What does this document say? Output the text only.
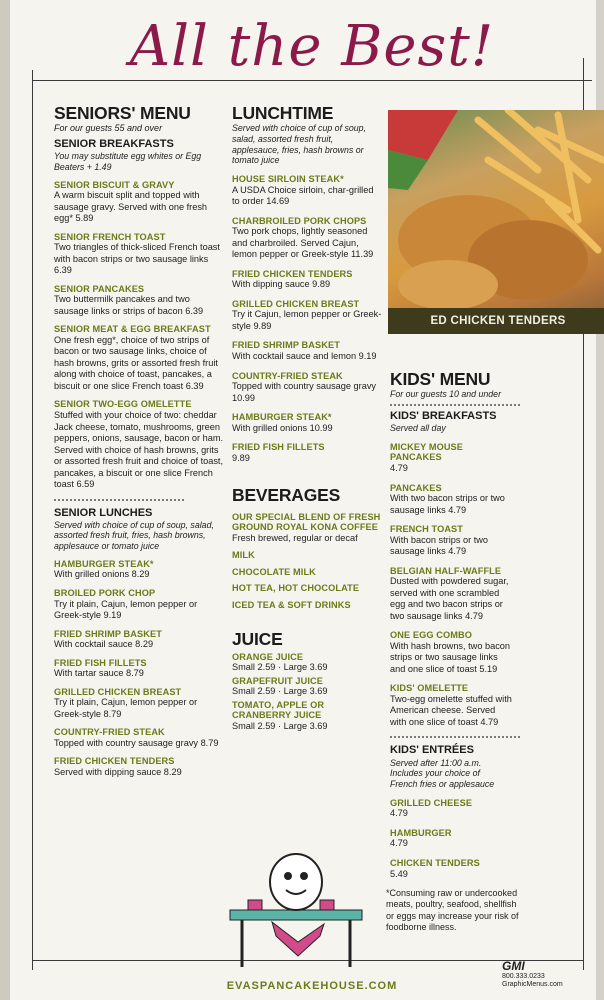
All the Best!
SENIORS' MENU
For our guests 55 and over
SENIOR BREAKFASTS
You may substitute egg whites or Egg Beaters + 1.49
SENIOR BISCUIT & GRAVY
A warm biscuit split and topped with sausage gravy. Served with one fresh egg* 5.89
SENIOR FRENCH TOAST
Two triangles of thick-sliced French toast with bacon strips or two sausage links 6.39
SENIOR PANCAKES
Two buttermilk pancakes and two sausage links or strips of bacon 6.39
SENIOR MEAT & EGG BREAKFAST
One fresh egg*, choice of two strips of bacon or two sausage links, choice of hash browns, grits or assorted fresh fruit along with choice of toast, pancakes, a biscuit or one slice French toast 6.39
SENIOR TWO-EGG OMELETTE
Stuffed with your choice of two: cheddar Jack cheese, tomato, mushrooms, green peppers, onions, sausage, bacon or ham. Served with choice of hash browns, grits or assorted fresh fruit and choice of toast, pancakes, a biscuit or one slice French toast 6.59
SENIOR LUNCHES
Served with choice of cup of soup, salad, assorted fresh fruit, fries, hash browns, applesauce or tomato juice
HAMBURGER STEAK*
With grilled onions 8.29
BROILED PORK CHOP
Try it plain, Cajun, lemon pepper or Greek-style 9.19
FRIED SHRIMP BASKET
With cocktail sauce 8.29
FRIED FISH FILLETS
With tartar sauce 8.79
GRILLED CHICKEN BREAST
Try it plain, Cajun, lemon pepper or Greek-style 8.79
COUNTRY-FRIED STEAK
Topped with country sausage gravy 8.79
FRIED CHICKEN TENDERS
Served with dipping sauce 8.29
LUNCHTIME
Served with choice of cup of soup, salad, assorted fresh fruit, applesauce, fries, hash browns or tomato juice
HOUSE SIRLOIN STEAK*
A USDA Choice sirloin, char-grilled to order 14.69
CHARBROILED PORK CHOPS
Two pork chops, lightly seasoned and charbroiled. Served Cajun, lemon pepper or Greek-style 11.39
FRIED CHICKEN TENDERS
With dipping sauce 9.89
GRILLED CHICKEN BREAST
Try it Cajun, lemon pepper or Greek-style 9.89
FRIED SHRIMP BASKET
With cocktail sauce and lemon 9.19
COUNTRY-FRIED STEAK
Topped with country sausage gravy 10.99
HAMBURGER STEAK*
With grilled onions 10.99
FRIED FISH FILLETS
9.89
BEVERAGES
OUR SPECIAL BLEND OF FRESH GROUND ROYAL KONA COFFEE
Fresh brewed, regular or decaf
MILK
CHOCOLATE MILK
HOT TEA, HOT CHOCOLATE
ICED TEA & SOFT DRINKS
JUICE
ORANGE JUICE
Small 2.59 · Large 3.69
GRAPEFRUIT JUICE
Small 2.59 · Large 3.69
TOMATO, APPLE OR CRANBERRY JUICE
Small 2.59 · Large 3.69
ED CHICKEN TENDERS
KIDS' MENU
For our guests 10 and under
KIDS' BREAKFASTS
Served all day
MICKEY MOUSE PANCAKES
4.79
PANCAKES
With two bacon strips or two sausage links 4.79
FRENCH TOAST
With bacon strips or two sausage links 4.79
BELGIAN HALF-WAFFLE
Dusted with powdered sugar, served with one scrambled egg and two bacon strips or two sausage links 4.79
ONE EGG COMBO
With hash browns, two bacon strips or two sausage links and one slice of toast 5.19
KIDS' OMELETTE
Two-egg omelette stuffed with American cheese. Served with one slice of toast 4.79
KIDS' ENTRÉES
Served after 11:00 a.m. Includes your choice of French fries or applesauce
GRILLED CHEESE
4.79
HAMBURGER
4.79
CHICKEN TENDERS
5.49
*Consuming raw or undercooked meats, poultry, seafood, shellfish or eggs may increase your risk of foodborne illness.
GMI
800.333.0233
GraphicMenus.com
EVASPANCAKEHOUSE.COM
